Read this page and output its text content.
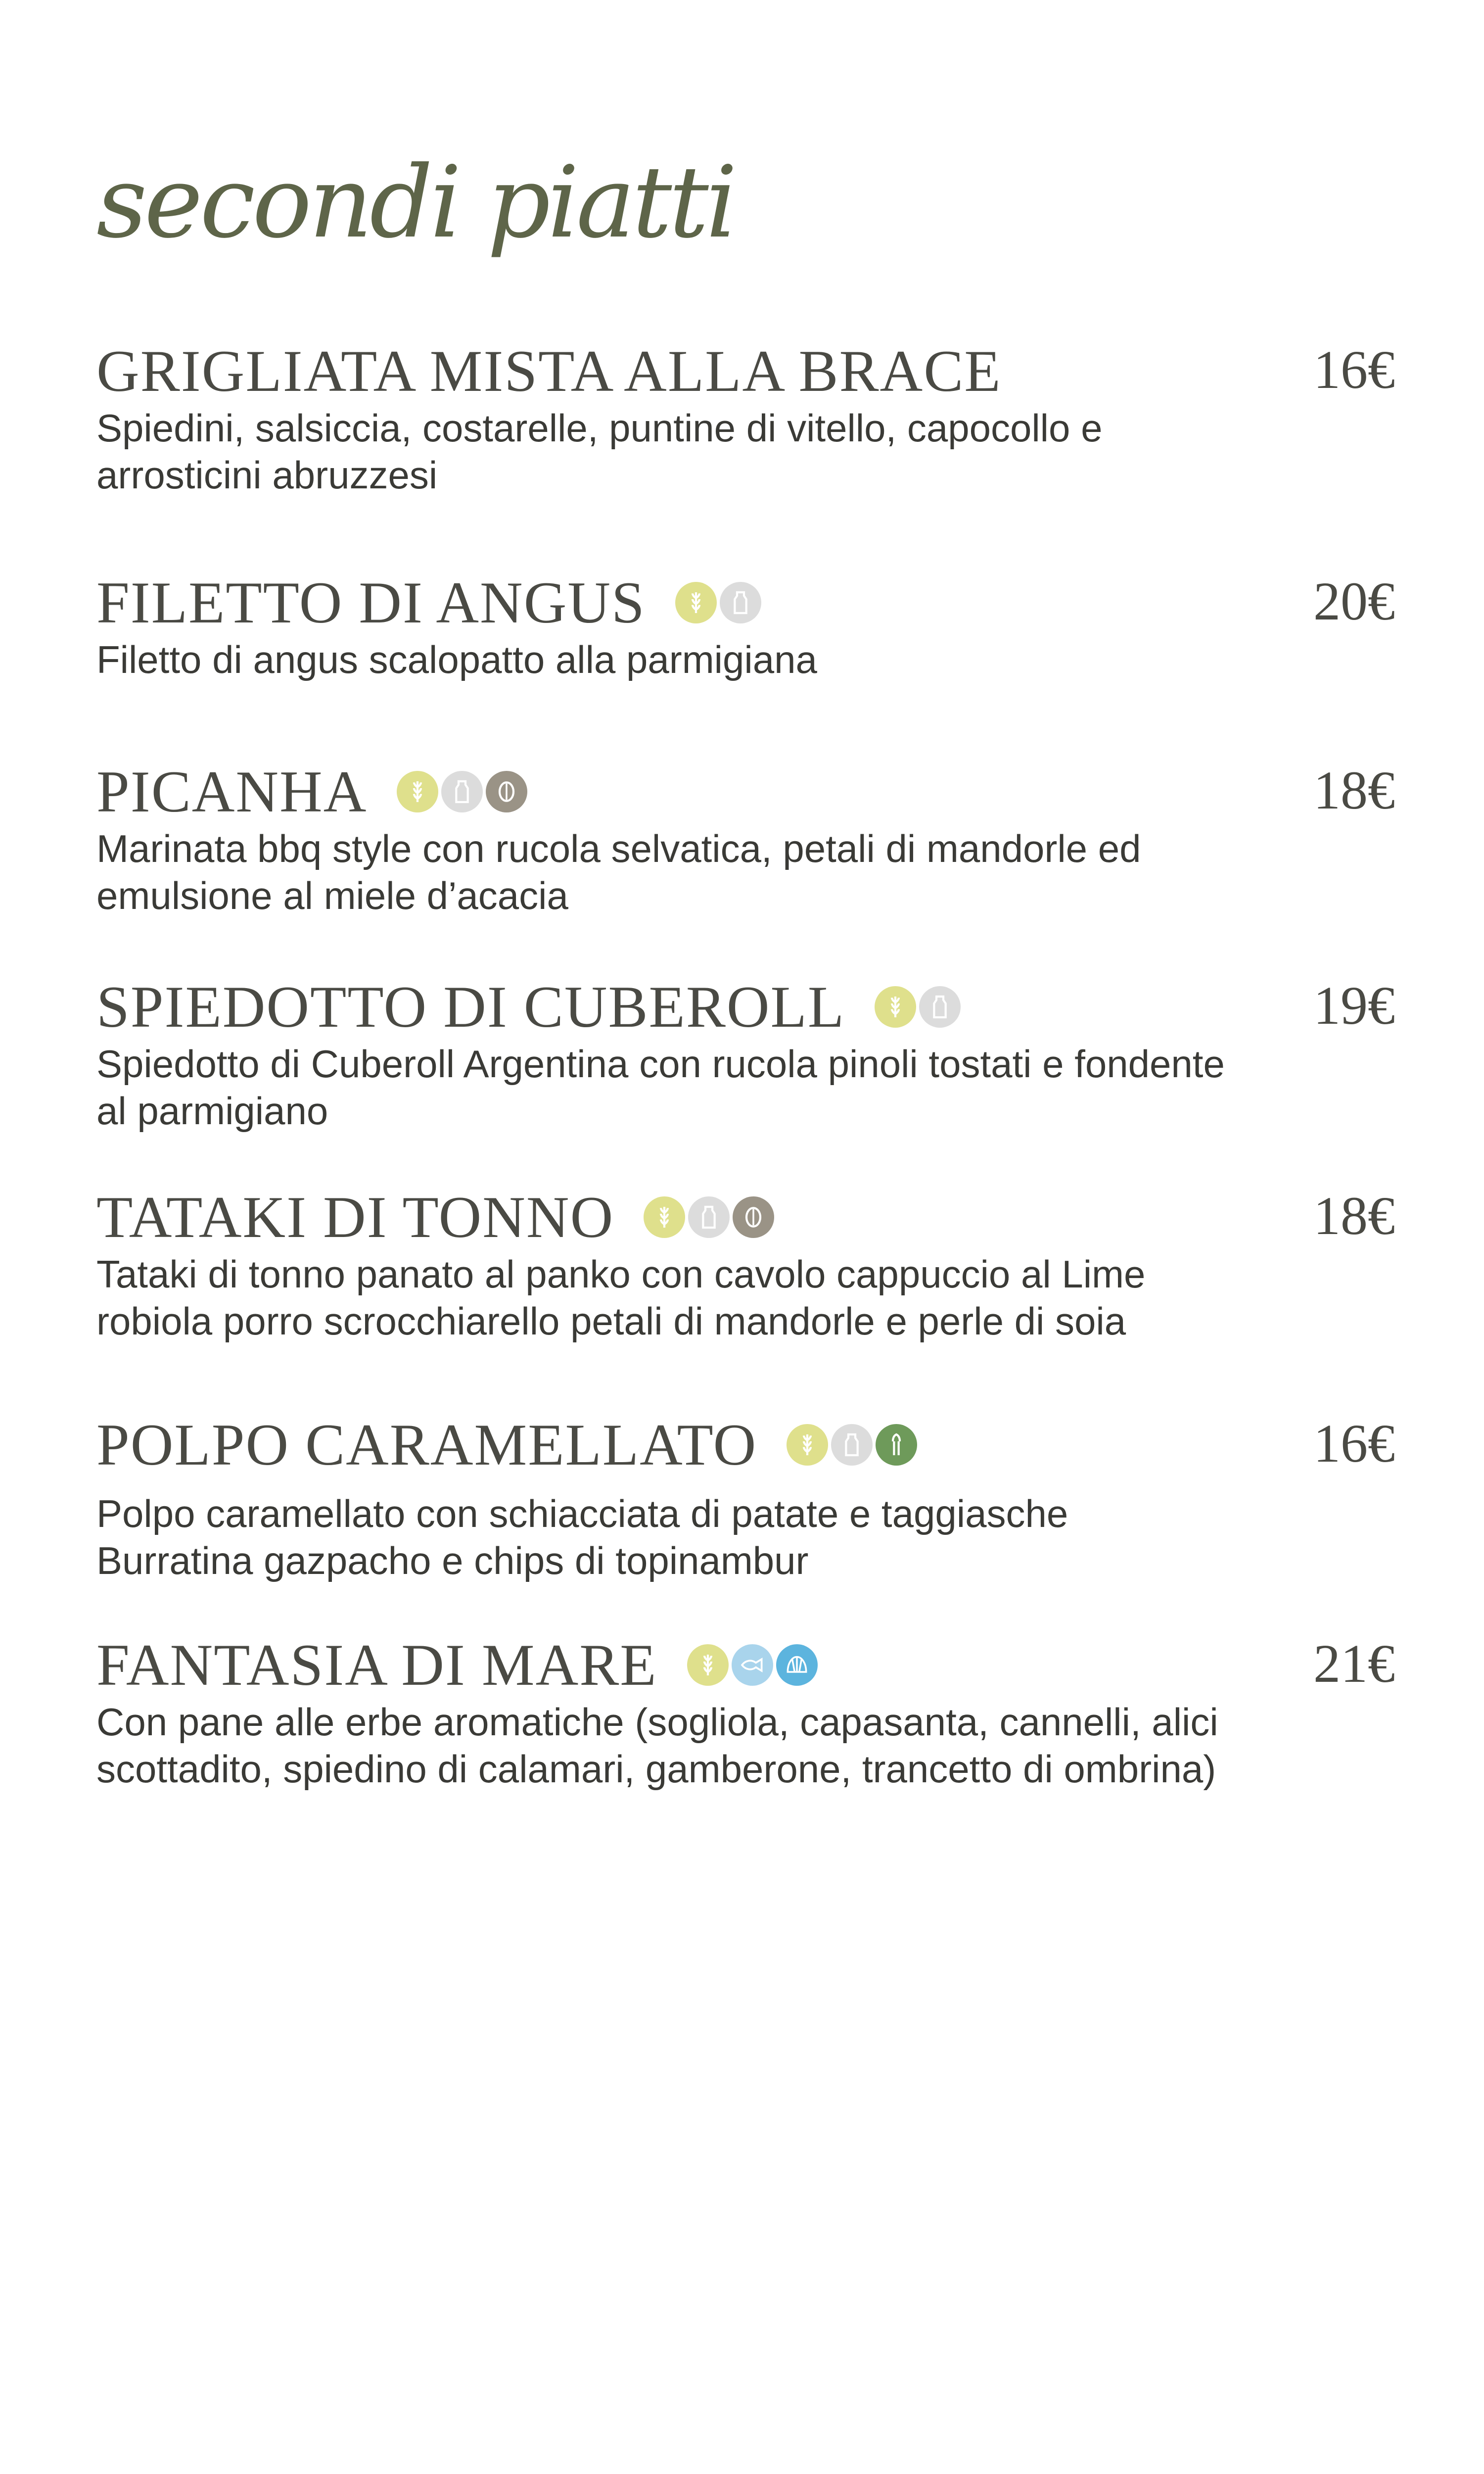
secondi piatti
GRIGLIATA MISTA ALLA BRACE	16€

Spiedini, salsiccia, costarelle, puntine di vitello, capocollo e arrosticini abruzzesi

FILETTO DI ANGUS	20€

Filetto di angus scalopatto alla parmigiana

PICANHA	18€

Marinata bbq style con rucola selvatica, petali di mandorle ed emulsione al miele d’acacia

SPIEDOTTO DI CUBEROLL	19€

Spiedotto di Cuberoll Argentina con rucola pinoli tostati e fondente al parmigiano

TATAKI DI TONNO	18€

Tataki di tonno panato al panko con cavolo cappuccio al Lime robiola porro scrocchiarello petali di mandorle e perle di soia

POLPO CARAMELLATO	16€

Polpo caramellato con schiacciata di patate e taggiasche Burratina gazpacho e chips di topinambur

FANTASIA DI MARE	21€

Con pane alle erbe aromatiche (sogliola, capasanta, cannelli, alici scottadito, spiedino di calamari, gamberone, trancetto di ombrina)
